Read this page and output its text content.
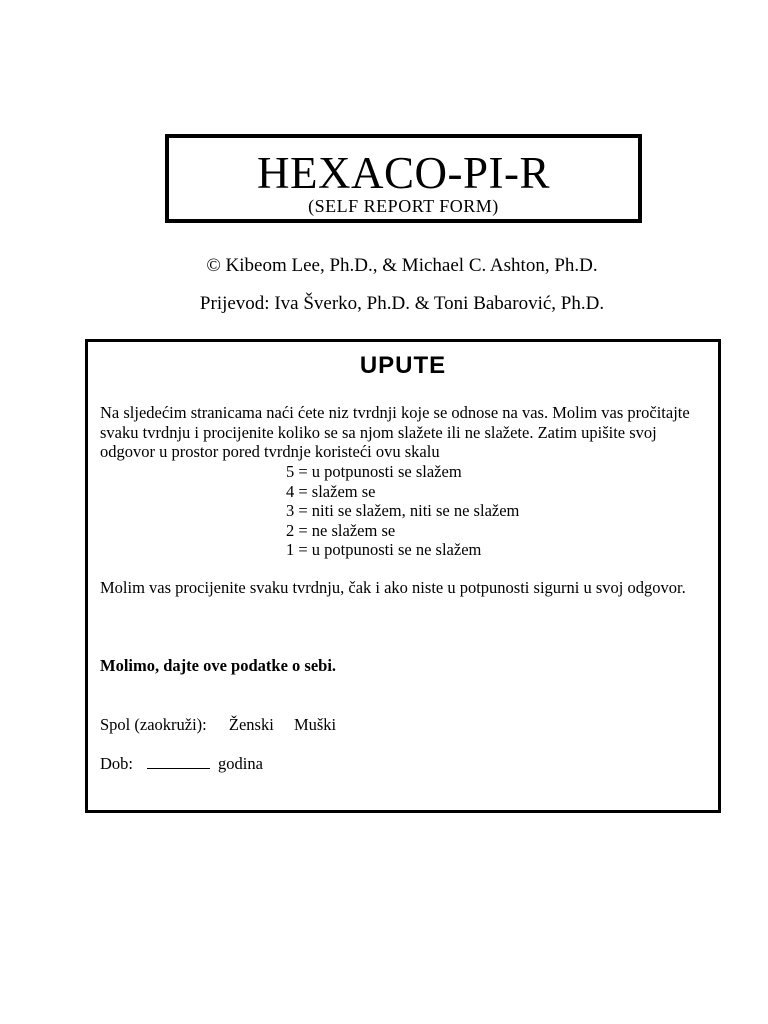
HEXACO-PI-R
(SELF REPORT FORM)
© Kibeom Lee, Ph.D., & Michael C. Ashton, Ph.D.
Prijevod: Iva Šverko, Ph.D. & Toni Babarović, Ph.D.
UPUTE
Na sljedećim stranicama naći ćete niz tvrdnji koje se odnose na vas. Molim vas pročitajte svaku tvrdnju i procijenite koliko se sa njom slažete ili ne slažete. Zatim upišite svoj odgovor u prostor pored tvrdnje koristeći ovu skalu
5 = u potpunosti se slažem
4 = slažem se
3 = niti se slažem, niti se ne slažem
2 = ne slažem se
1 = u potpunosti se ne slažem
Molim vas procijenite svaku tvrdnju, čak i ako niste u potpunosti sigurni u svoj odgovor.
Molimo, dajte ove podatke o sebi.
Spol (zaokruži): Ženski Muški
Dob:	godina
